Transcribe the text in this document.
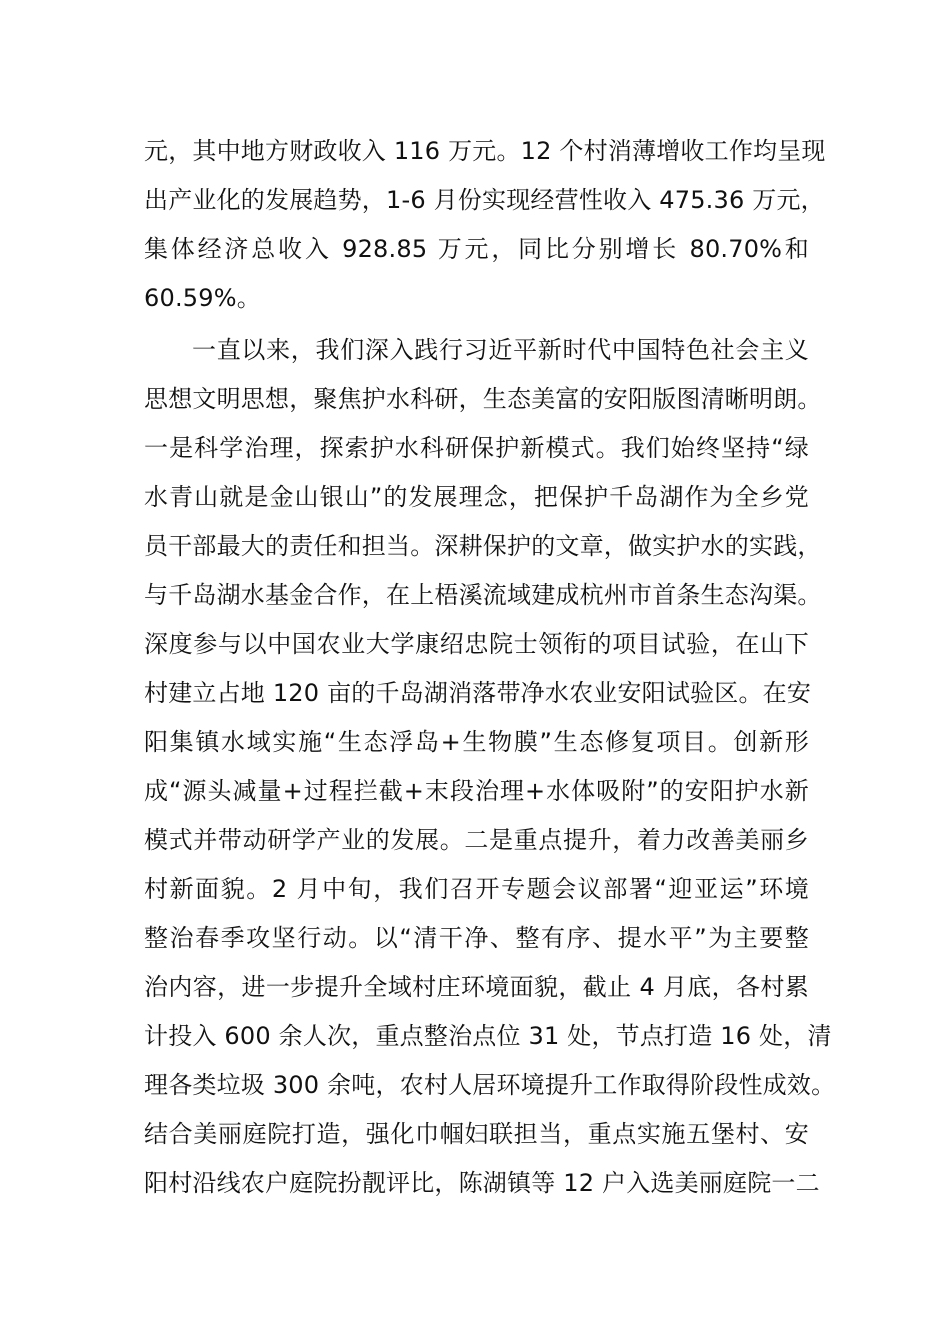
元，其中地方财政收入 116 万元。12 个村消薄增收工作均呈现
出产业化的发展趋势，1-6 月份实现经营性收入 475.36 万元，
集体经济总收入 928.85 万元，同比分别增长 80.70%和
60.59%。
一直以来，我们深入践行习近平新时代中国特色社会主义
思想文明思想，聚焦护水科研，生态美富的安阳版图清晰明朗。
一是科学治理，探索护水科研保护新模式。我们始终坚持“绿
水青山就是金山银山”的发展理念，把保护千岛湖作为全乡党
员干部最大的责任和担当。深耕保护的文章，做实护水的实践，
与千岛湖水基金合作，在上梧溪流域建成杭州市首条生态沟渠。
深度参与以中国农业大学康绍忠院士领衔的项目试验，在山下
村建立占地 120 亩的千岛湖消落带净水农业安阳试验区。在安
阳集镇水域实施“生态浮岛+生物膜”生态修复项目。创新形
成“源头减量+过程拦截+末段治理+水体吸附”的安阳护水新
模式并带动研学产业的发展。二是重点提升，着力改善美丽乡
村新面貌。2 月中旬，我们召开专题会议部署“迎亚运”环境
整治春季攻坚行动。以“清干净、整有序、提水平”为主要整
治内容，进一步提升全域村庄环境面貌，截止 4 月底，各村累
计投入 600 余人次，重点整治点位 31 处，节点打造 16 处，清
理各类垃圾 300 余吨，农村人居环境提升工作取得阶段性成效。
结合美丽庭院打造，强化巾帼妇联担当，重点实施五堡村、安
阳村沿线农户庭院扮靓评比，陈湖镇等 12 户入选美丽庭院一二
